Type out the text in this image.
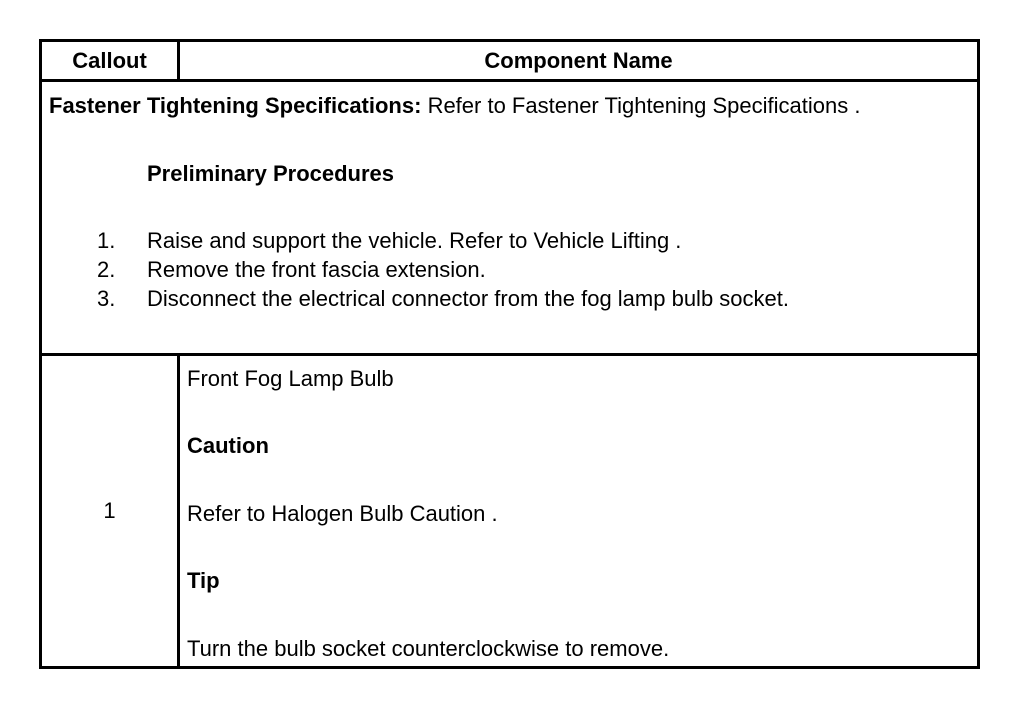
Callout	Component Name
Fastener Tightening Specifications: Refer to Fastener Tightening Specifications .
Preliminary Procedures
1. Raise and support the vehicle. Refer to Vehicle Lifting .
2. Remove the front fascia extension.
3. Disconnect the electrical connector from the fog lamp bulb socket.
1
Front Fog Lamp Bulb
Caution
Refer to Halogen Bulb Caution .
Tip
Turn the bulb socket counterclockwise to remove.
